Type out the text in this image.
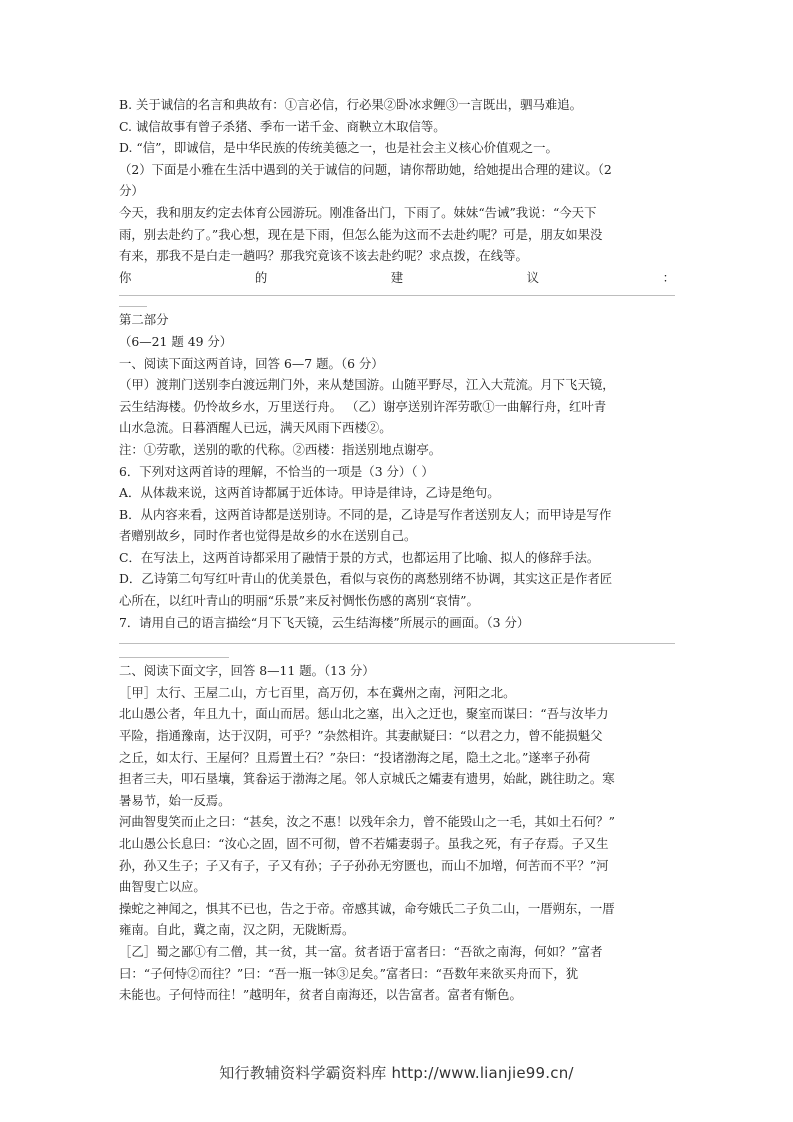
B. 关于诚信的名言和典故有：①言必信，行必果②卧冰求鲤③一言既出，驷马难追。
C. 诚信故事有曾子杀猪、季布一诺千金、商鞅立木取信等。
D. “信”，即诚信，是中华民族的传统美德之一，也是社会主义核心价值观之一。
（2）下面是小雅在生活中遇到的关于诚信的问题，请你帮助她，给她提出合理的建议。（2
分）
今天，我和朋友约定去体育公园游玩。刚准备出门，下雨了。妹妹“告诫”我说：“今天下
雨，别去赴约了。”我心想，现在是下雨，但怎么能为这而不去赴约呢？可是，朋友如果没
有来，那我不是白走一趟吗？那我究竟该不该去赴约呢？求点拨，在线等。
你	的	建	议	：
第二部分
（6—21 题 49 分）
一、阅读下面这两首诗，回答 6—7 题。（6 分）
（甲）渡荆门送别李白渡远荆门外，来从楚国游。山随平野尽，江入大荒流。月下飞天镜，
云生结海楼。仍怜故乡水，万里送行舟。 （乙）谢亭送别许浑劳歌①一曲解行舟，红叶青
山水急流。日暮酒醒人已远，满天风雨下西楼②。
注：①劳歌，送别的歌的代称。②西楼：指送别地点谢亭。
6．下列对这两首诗的理解，不恰当的一项是（3 分）（ ）
A．从体裁来说，这两首诗都属于近体诗。甲诗是律诗，乙诗是绝句。
B．从内容来看，这两首诗都是送别诗。不同的是，乙诗是写作者送别友人；而甲诗是写作
者赠别故乡，同时作者也觉得是故乡的水在送别自己。
C．在写法上，这两首诗都采用了融情于景的方式，也都运用了比喻、拟人的修辞手法。
D．乙诗第二句写红叶青山的优美景色，看似与哀伤的离愁别绪不协调，其实这正是作者匠
心所在，以红叶青山的明丽“乐景”来反衬惆怅伤感的离别“哀情”。
7．请用自己的语言描绘“月下飞天镜，云生结海楼”所展示的画面。（3 分）
二、阅读下面文字，回答 8—11 题。（13 分）
［甲］太行、王屋二山，方七百里，高万仞，本在冀州之南，河阳之北。
北山愚公者，年且九十，面山而居。惩山北之塞，出入之迂也，聚室而谋曰：“吾与汝毕力
平险，指通豫南，达于汉阴，可乎？”杂然相许。其妻献疑曰：“以君之力，曾不能损魁父
之丘，如太行、王屋何？且焉置土石？”杂曰：“投诸渤海之尾，隐土之北。”遂率子孙荷
担者三夫，叩石垦壤，箕畚运于渤海之尾。邻人京城氏之孀妻有遗男，始龀，跳往助之。寒
暑易节，始一反焉。
河曲智叟笑而止之曰：“甚矣，汝之不惠！以残年余力，曾不能毁山之一毛，其如土石何？”
北山愚公长息曰：“汝心之固，固不可彻，曾不若孀妻弱子。虽我之死，有子存焉。子又生
孙，孙又生子；子又有子，子又有孙；子子孙孙无穷匮也，而山不加增，何苦而不平？”河
曲智叟亡以应。
操蛇之神闻之，惧其不已也，告之于帝。帝感其诚，命夸娥氏二子负二山，一厝朔东，一厝
雍南。自此，冀之南，汉之阴，无陇断焉。
［乙］蜀之鄙①有二僧，其一贫，其一富。贫者语于富者曰：“吾欲之南海，何如？”富者
曰：“子何恃②而往？”曰：“吾一瓶一钵③足矣。”富者曰：“吾数年来欲买舟而下，犹
未能也。子何恃而往！”越明年，贫者自南海还，以告富者。富者有惭色。
知行教辅资料学霸资料库 http://www.lianjie99.cn/
